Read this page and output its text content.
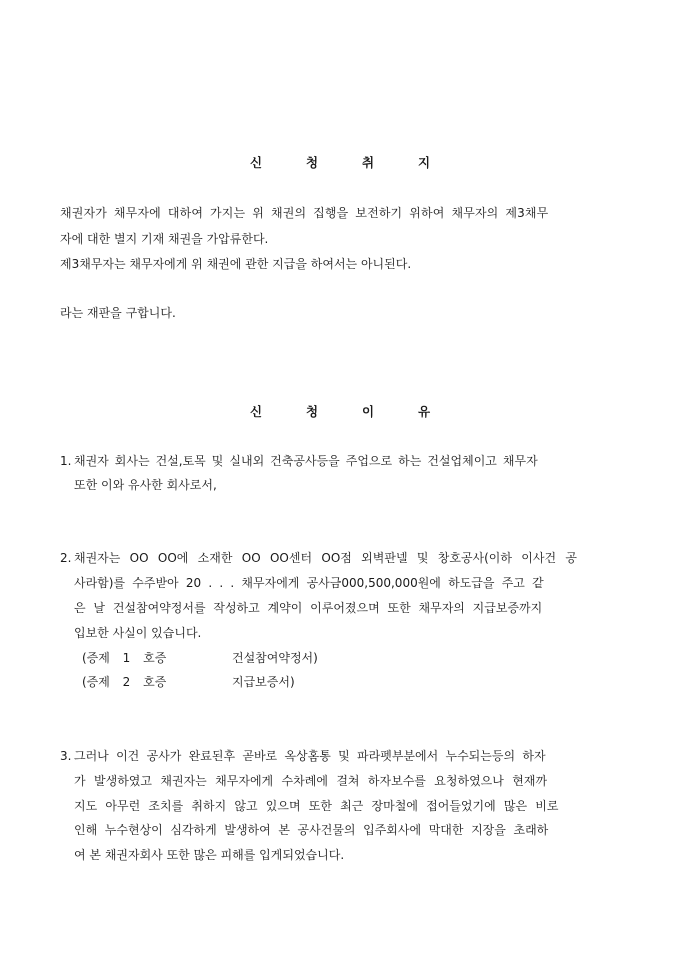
신	청	취	지
채권자가 채무자에 대하여 가지는 위 채권의 집행을 보전하기 위하여 채무자의 제3채무
자에 대한 별지 기재 채권을 가압류한다.
제3채무자는 채무자에게 위 채권에 관한 지급을 하여서는 아니된다.
라는 재판을 구합니다.
신	청	이	유
1. 채권자 회사는 건설,토목 및 실내외 건축공사등을 주업으로 하는 건설업체이고 채무자
또한 이와 유사한 회사로서,
2. 채권자는 OO OO에 소재한 OO OO센터 OO점 외벽판넬 및 창호공사(이하 이사건 공
사라함)를 수주받아 20 . . . 채무자에게 공사금000,500,000원에 하도급을 주고 같
은 날 건설참여약정서를 작성하고 계약이 이루어졌으며 또한 채무자의 지급보증까지
입보한 사실이 있습니다.
(증제 1 호증	건설참여약정서)
(증제 2 호증	지급보증서)
3. 그러나 이건 공사가 완료된후 곧바로 옥상홈통 및 파라펫부분에서 누수되는등의 하자
가 발생하였고 채권자는 채무자에게 수차례에 걸쳐 하자보수를 요청하였으나 현재까
지도 아무런 조치를 취하지 않고 있으며 또한 최근 장마철에 접어들었기에 많은 비로
인해 누수현상이 심각하게 발생하여 본 공사건물의 입주회사에 막대한 지장을 초래하
여 본 채권자회사 또한 많은 피해를 입게되었습니다.
